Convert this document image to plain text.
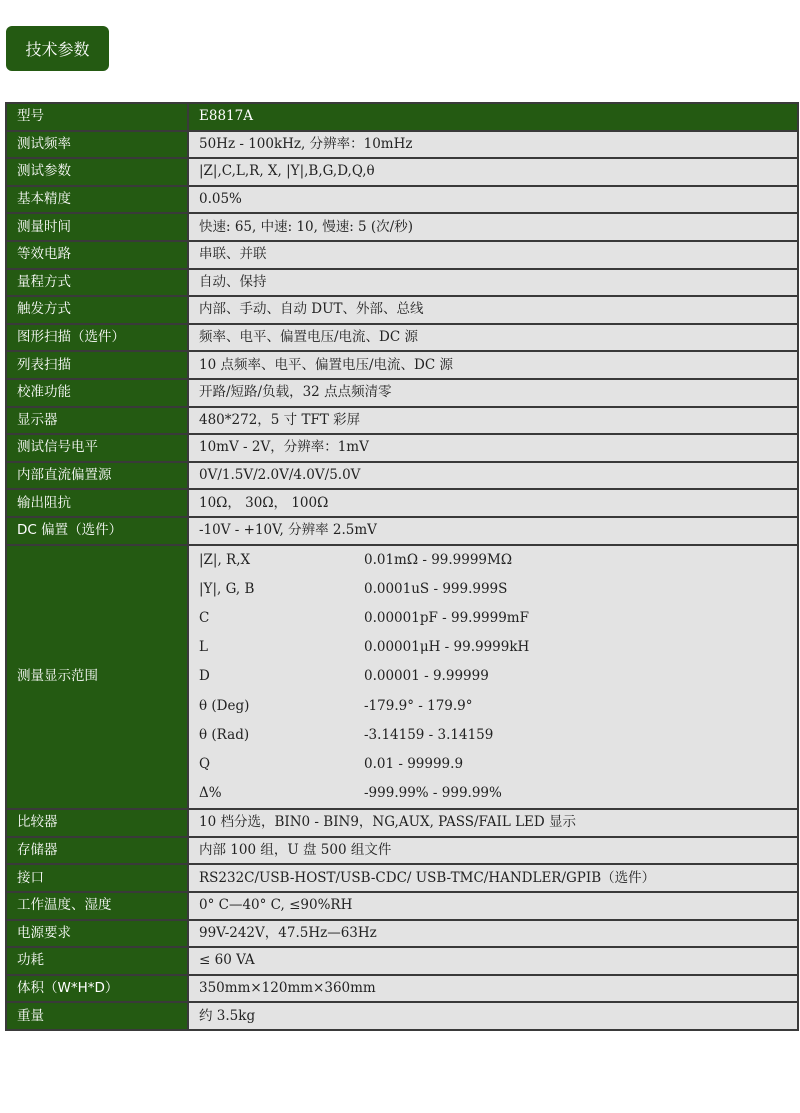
技术参数
型号	E8817A
测试频率	50Hz - 100kHz, 分辨率：10mHz
测试参数	|Z|,C,L,R, X, |Y|,B,G,D,Q,θ
基本精度	0.05%
测量时间	快速: 65, 中速: 10, 慢速: 5 (次/秒)
等效电路	串联、并联
量程方式	自动、保持
触发方式	内部、手动、自动 DUT、外部、总线
图形扫描（选件）	频率、电平、偏置电压/电流、DC 源
列表扫描	10 点频率、电平、偏置电压/电流、DC 源
校准功能	开路/短路/负载，32 点点频清零
显示器	480*272，5 寸 TFT 彩屏
测试信号电平	10mV - 2V，分辨率：1mV
内部直流偏置源	0V/1.5V/2.0V/4.0V/5.0V
输出阻抗	10Ω， 30Ω， 100Ω
DC 偏置（选件）	-10V - +10V, 分辨率 2.5mV
测量显示范围	
|Z|, R,X	0.01mΩ - 99.9999MΩ
|Y|, G, B	0.0001uS - 999.999S
C	0.00001pF - 99.9999mF
L	0.00001μH - 99.9999kH
D	0.00001 - 9.99999
θ (Deg)	-179.9° - 179.9°
θ (Rad)	-3.14159 - 3.14159
Q	0.01 - 99999.9
Δ%	-999.99% - 999.99%

比较器	10 档分选，BIN0 - BIN9，NG,AUX, PASS/FAIL LED 显示
存储器	内部 100 组，U 盘 500 组文件
接口	RS232C/USB-HOST/USB-CDC/ USB-TMC/HANDLER/GPIB（选件）
工作温度、湿度	0° C—40° C, ≤90%RH
电源要求	99V-242V，47.5Hz—63Hz
功耗	≤ 60 VA
体积（W*H*D）	350mm×120mm×360mm
重量	约 3.5kg
